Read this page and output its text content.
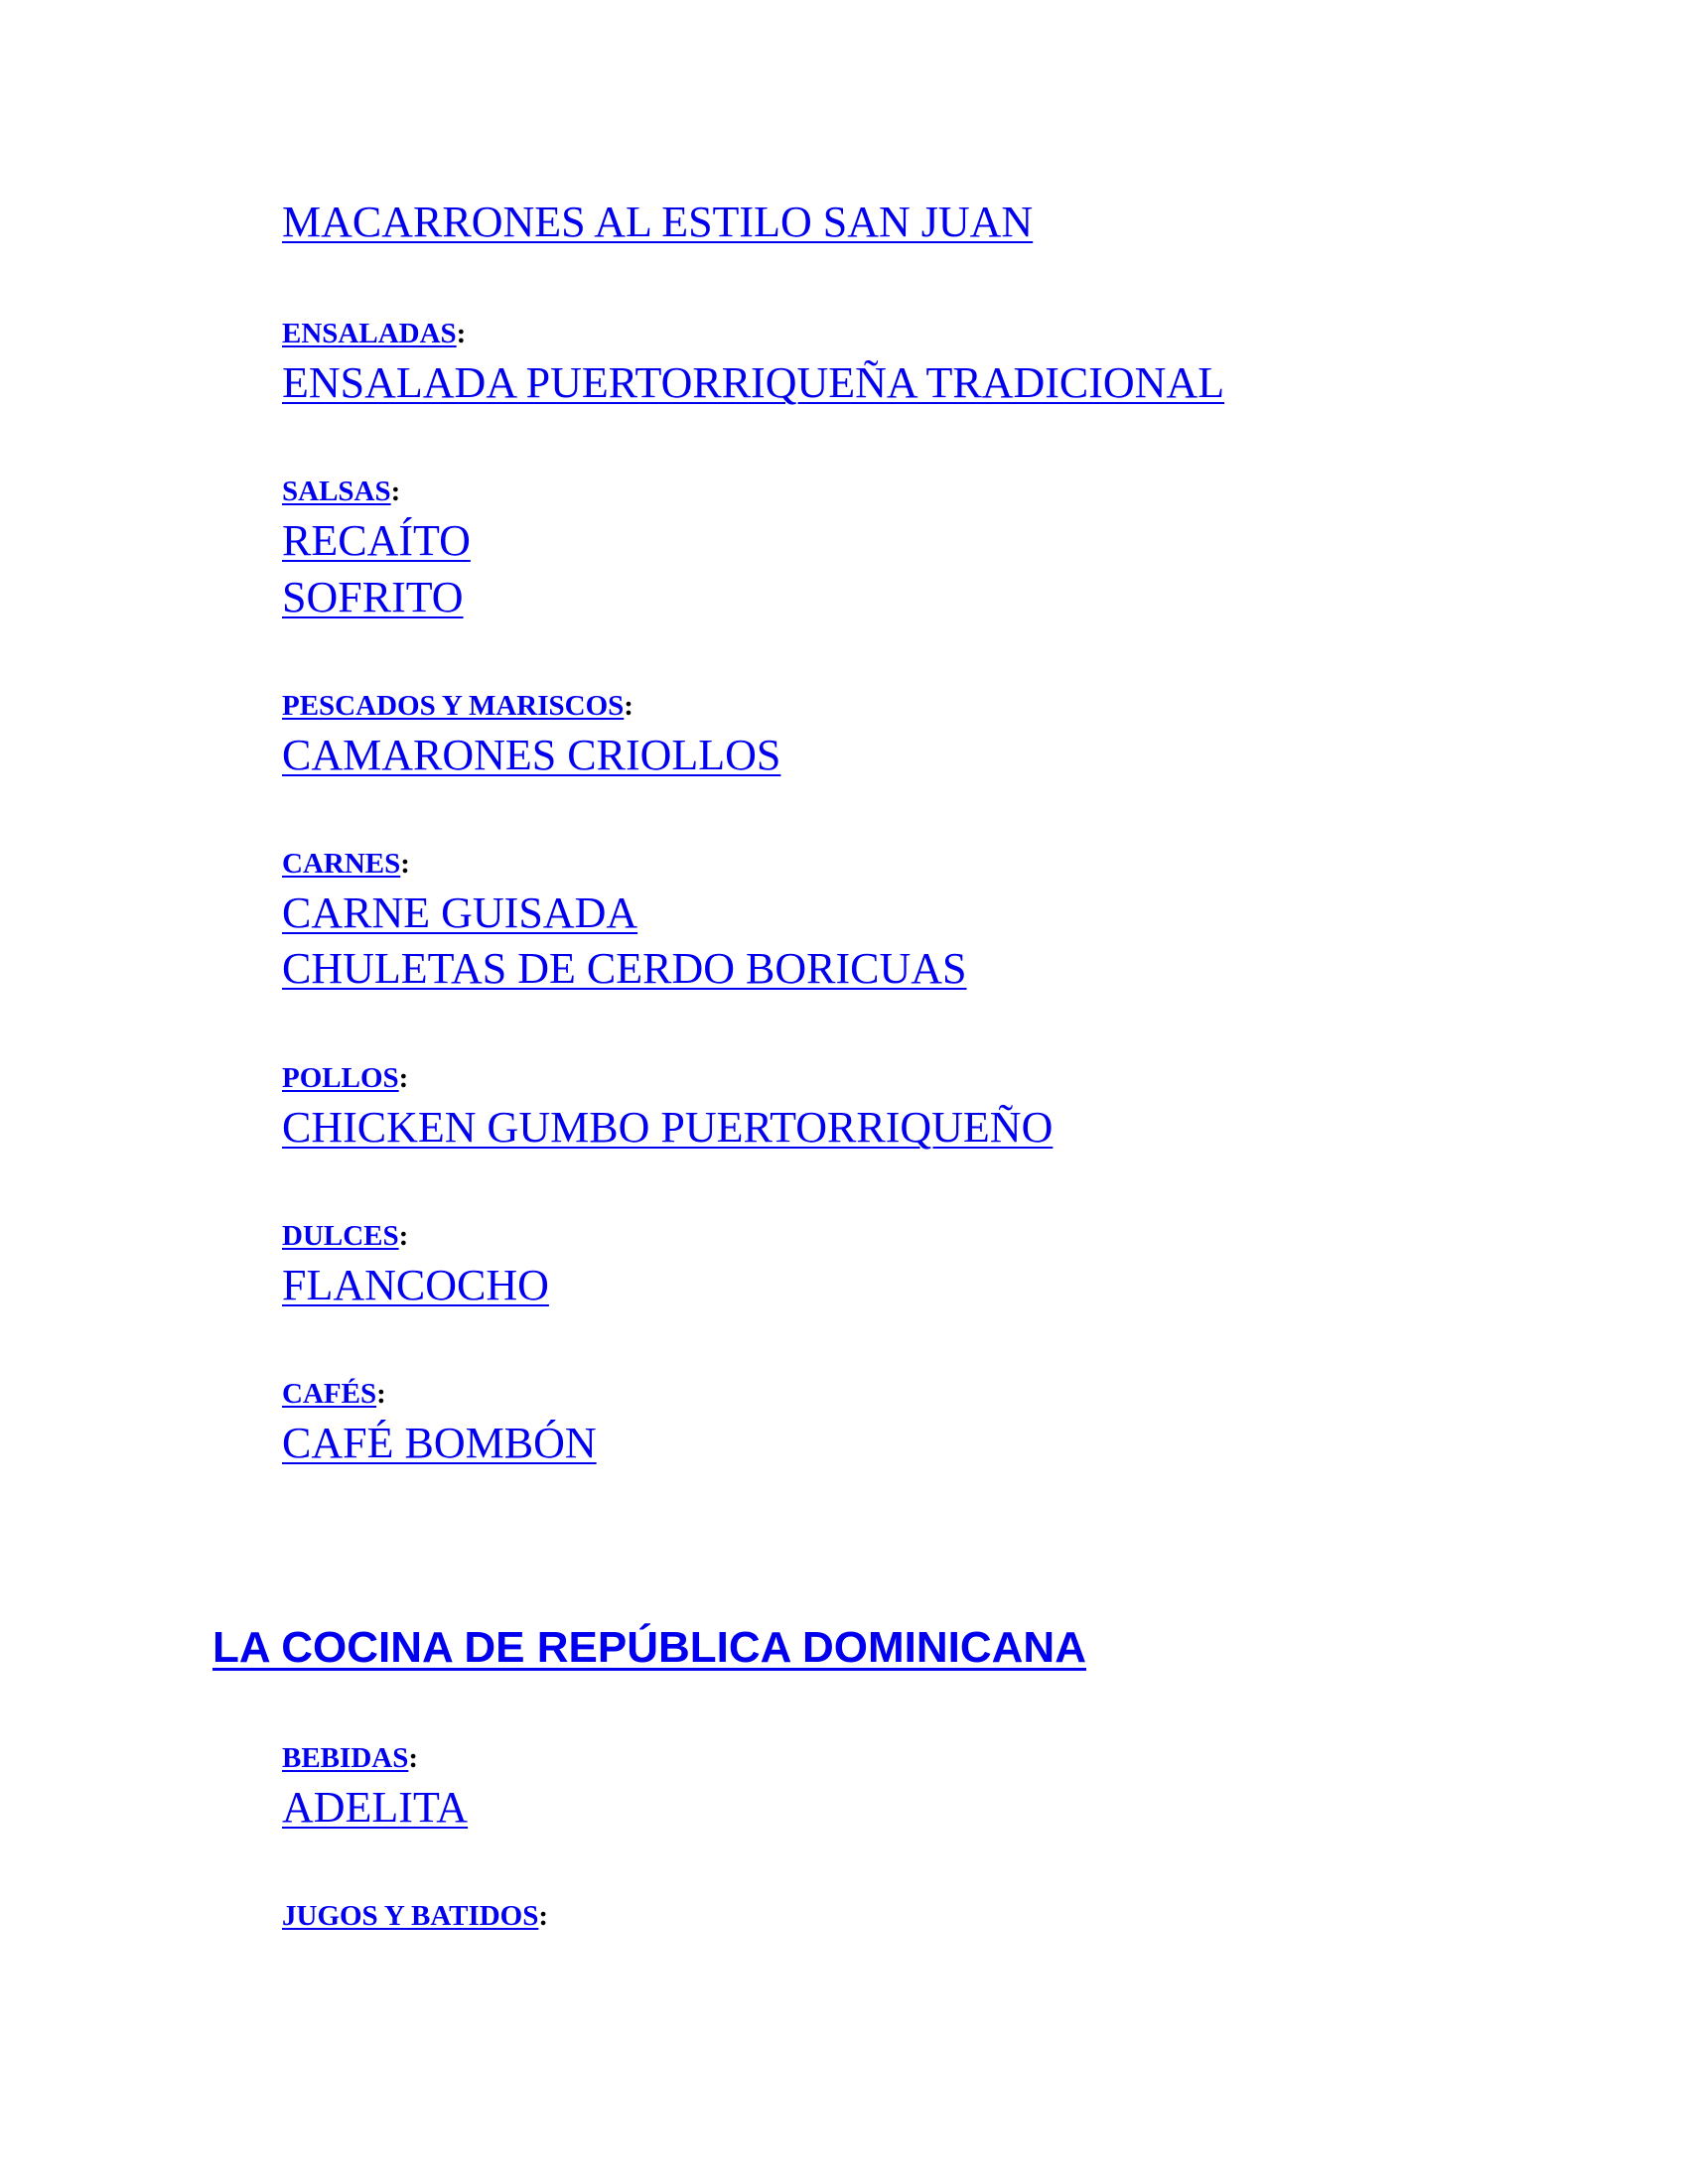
MACARRONES AL ESTILO SAN JUAN
ENSALADAS:
ENSALADA PUERTORRIQUEÑA TRADICIONAL
SALSAS:
RECAÍTO
SOFRITO
PESCADOS Y MARISCOS:
CAMARONES CRIOLLOS
CARNES:
CARNE GUISADA
CHULETAS DE CERDO BORICUAS
POLLOS:
CHICKEN GUMBO PUERTORRIQUEÑO
DULCES:
FLANCOCHO
CAFÉS:
CAFÉ BOMBÓN
LA COCINA DE REPÚBLICA DOMINICANA
BEBIDAS:
ADELITA
JUGOS Y BATIDOS:
